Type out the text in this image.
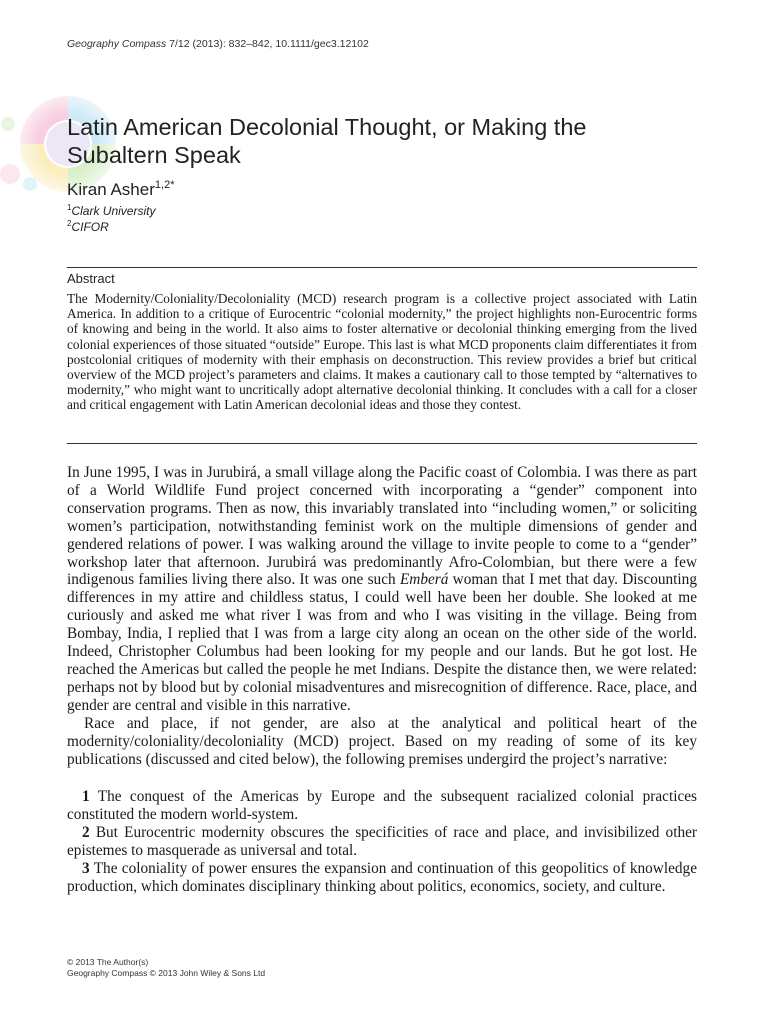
Geography Compass 7/12 (2013): 832–842, 10.1111/gec3.12102
Latin American Decolonial Thought, or Making the Subaltern Speak
Kiran Asher$^{1,2*}$
$^1$Clark University
$^2$CIFOR
Abstract

The Modernity/Coloniality/Decoloniality (MCD) research program is a collective project associated with Latin America. In addition to a critique of Eurocentric “colonial modernity,” the project highlights non-Eurocentric forms of knowing and being in the world. It also aims to foster alternative or decolonial thinking emerging from the lived colonial experiences of those situated “outside” Europe. This last is what MCD proponents claim differentiates it from postcolonial critiques of modernity with their emphasis on deconstruction. This review provides a brief but critical overview of the MCD project’s parameters and claims. It makes a cautionary call to those tempted by “alternatives to modernity,” who might want to uncritically adopt alternative decolonial thinking. It concludes with a call for a closer and critical engagement with Latin American decolonial ideas and those they contest.

In June 1995, I was in Jurubirá, a small village along the Pacific coast of Colombia. I was there as part of a World Wildlife Fund project concerned with incorporating a “gender” component into conservation programs. Then as now, this invariably translated into “including women,” or soliciting women’s participation, notwithstanding feminist work on the multiple dimensions of gender and gendered relations of power. I was walking around the village to invite people to come to a “gender” workshop later that afternoon. Jurubirá was predominantly Afro-Colombian, but there were a few indigenous families living there also. It was one such Emberá woman that I met that day. Discounting differences in my attire and childless status, I could well have been her double. She looked at me curiously and asked me what river I was from and who I was visiting in the village. Being from Bombay, India, I replied that I was from a large city along an ocean on the other side of the world. Indeed, Christopher Columbus had been looking for my people and our lands. But he got lost. He reached the Americas but called the people he met Indians. Despite the distance then, we were related: perhaps not by blood but by colonial misadventures and misrecognition of difference. Race, place, and gender are central and visible in this narrative.

Race and place, if not gender, are also at the analytical and political heart of the modernity/coloniality/decoloniality (MCD) project. Based on my reading of some of its key publications (discussed and cited below), the following premises undergird the project’s narrative:

1 The conquest of the Americas by Europe and the subsequent racialized colonial practices constituted the modern world-system.

2 But Eurocentric modernity obscures the specificities of race and place, and invisibilized other epistemes to masquerade as universal and total.

3 The coloniality of power ensures the expansion and continuation of this geopolitics of knowledge production, which dominates disciplinary thinking about politics, economics, society, and culture.

© 2013 The Author(s)
Geography Compass © 2013 John Wiley & Sons Ltd
